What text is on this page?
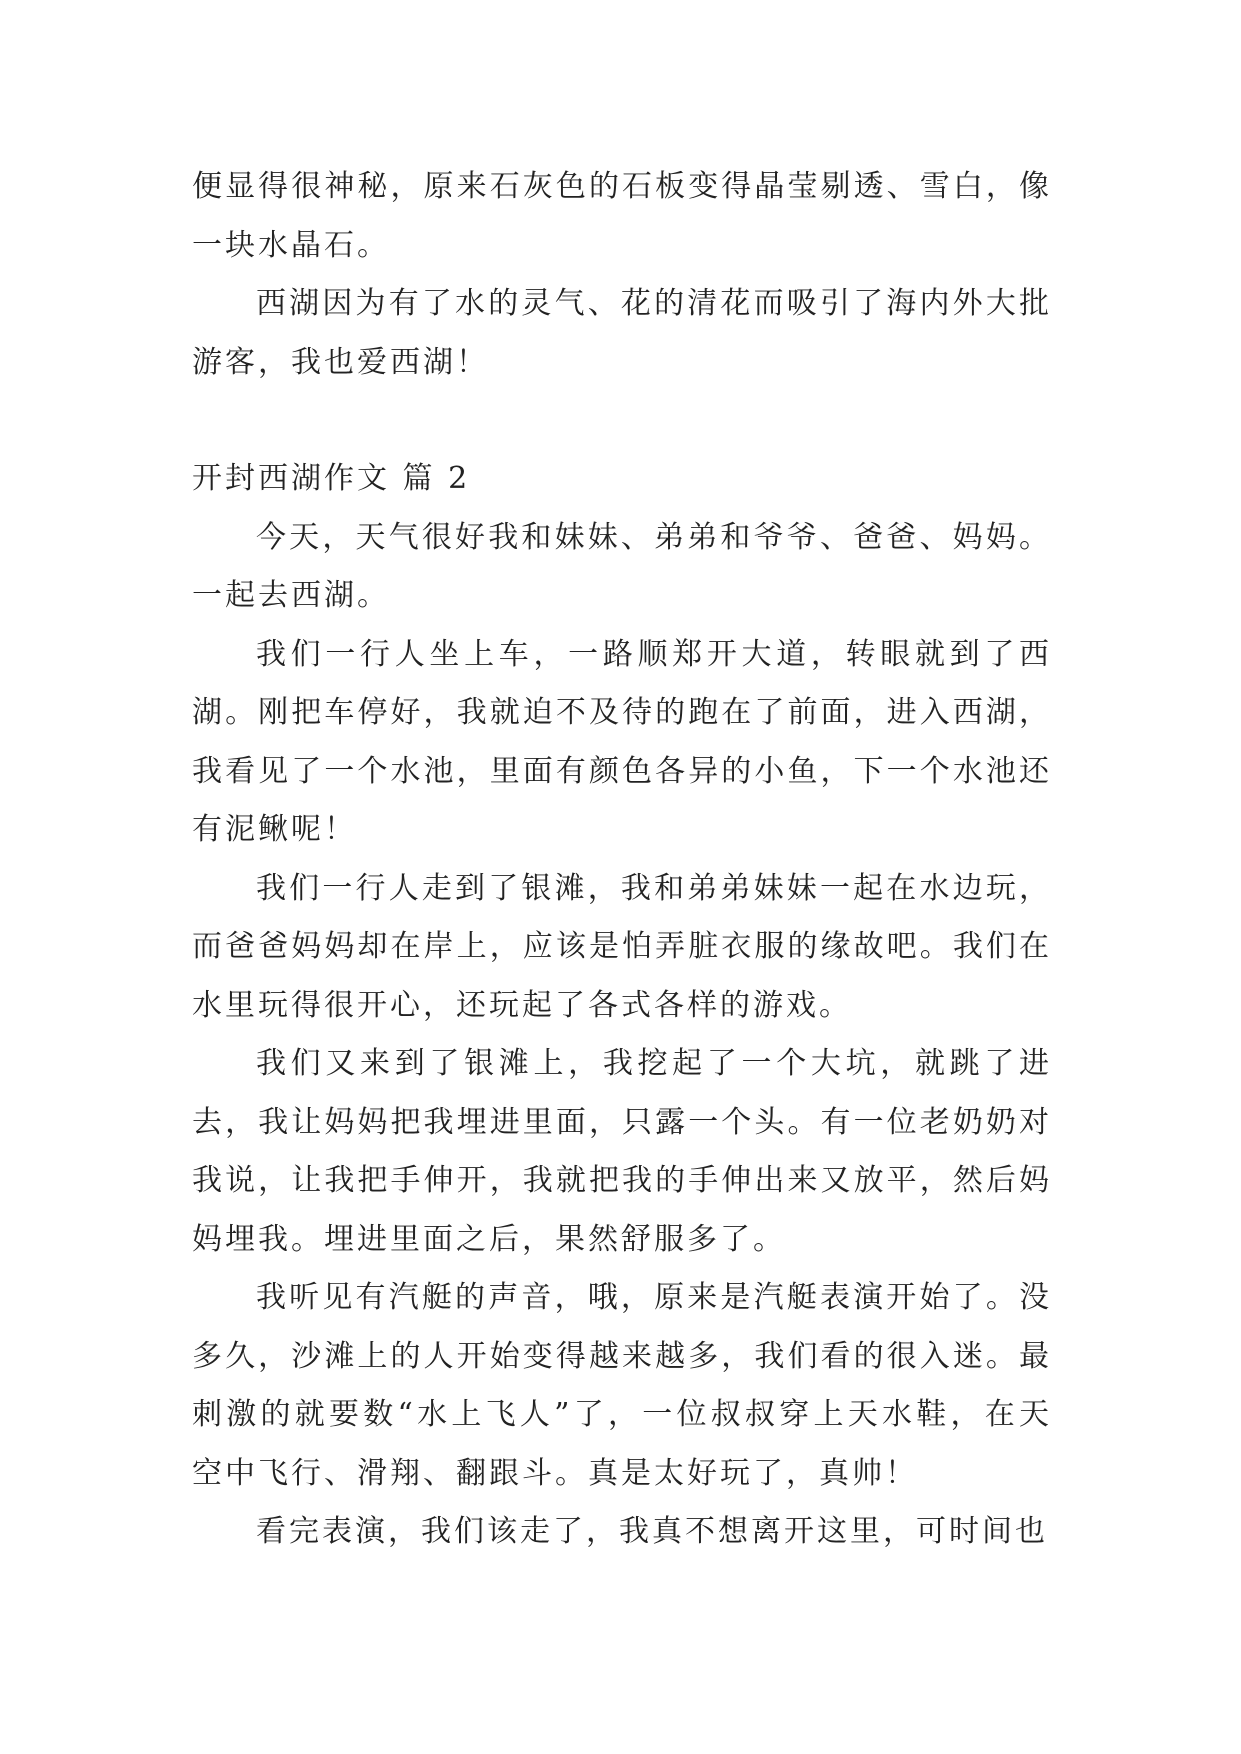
便显得很神秘，原来石灰色的石板变得晶莹剔透、雪白，像一块水晶石。

西湖因为有了水的灵气、花的清花而吸引了海内外大批游客，我也爱西湖！

开封西湖作文 篇 2

今天，天气很好我和妹妹、弟弟和爷爷、爸爸、妈妈。一起去西湖。

我们一行人坐上车，一路顺郑开大道，转眼就到了西湖。刚把车停好，我就迫不及待的跑在了前面，进入西湖，我看见了一个水池，里面有颜色各异的小鱼，下一个水池还有泥鳅呢！

我们一行人走到了银滩，我和弟弟妹妹一起在水边玩，而爸爸妈妈却在岸上，应该是怕弄脏衣服的缘故吧。我们在水里玩得很开心，还玩起了各式各样的游戏。

我们又来到了银滩上，我挖起了一个大坑，就跳了进去，我让妈妈把我埋进里面，只露一个头。有一位老奶奶对我说，让我把手伸开，我就把我的手伸出来又放平，然后妈妈埋我。埋进里面之后，果然舒服多了。

我听见有汽艇的声音，哦，原来是汽艇表演开始了。没多久，沙滩上的人开始变得越来越多，我们看的很入迷。最刺激的就要数“水上飞人”了，一位叔叔穿上天水鞋，在天空中飞行、滑翔、翻跟斗。真是太好玩了，真帅！

看完表演，我们该走了，我真不想离开这里，可时间也
